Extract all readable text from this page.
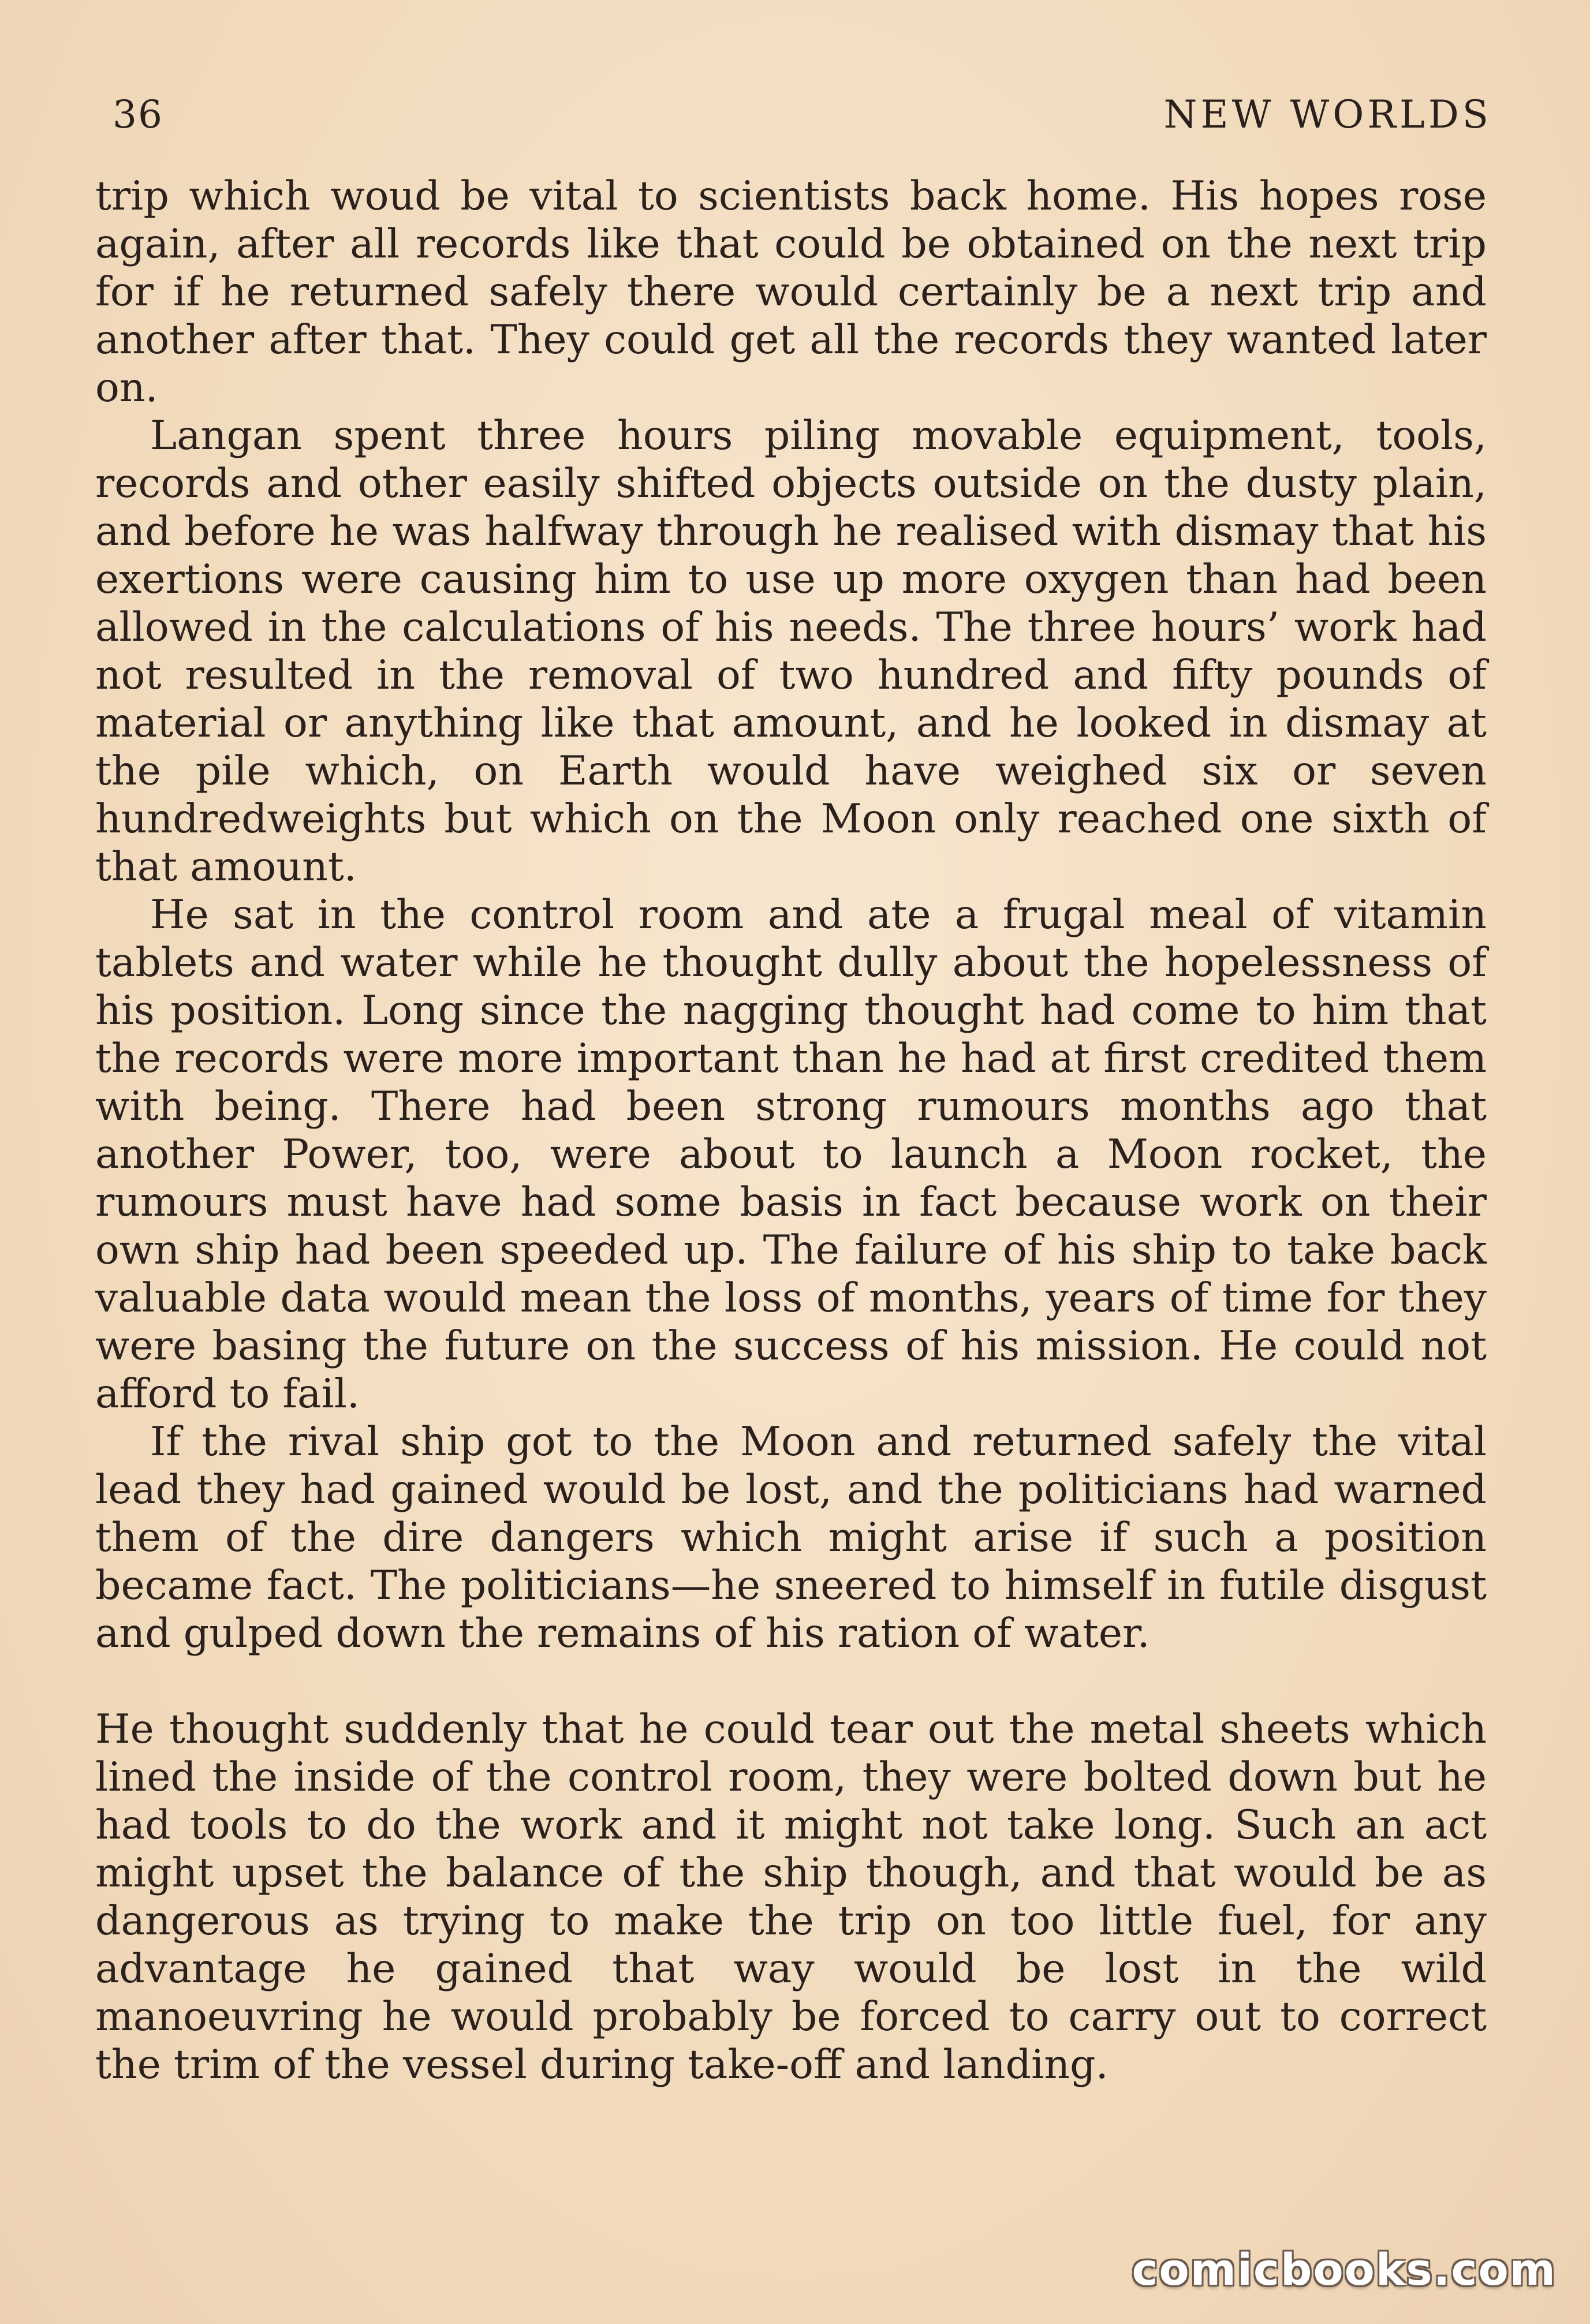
36	NEW WORLDS

trip which woud be vital to scientists back home. His hopes rose again, after all records like that could be obtained on the next trip for if he returned safely there would certainly be a next trip and another after that. They could get all the records they wanted later on.

Langan spent three hours piling movable equipment, tools, records and other easily shifted objects outside on the dusty plain, and before he was halfway through he realised with dismay that his exertions were causing him to use up more oxygen than had been allowed in the calculations of his needs. The three hours’ work had not resulted in the removal of two hundred and fifty pounds of material or anything like that amount, and he looked in dismay at the pile which, on Earth would have weighed six or seven hundredweights but which on the Moon only reached one sixth of that amount.

He sat in the control room and ate a frugal meal of vitamin tablets and water while he thought dully about the hopelessness of his position. Long since the nagging thought had come to him that the records were more important than he had at first credited them with being. There had been strong rumours months ago that another Power, too, were about to launch a Moon rocket, the rumours must have had some basis in fact because work on their own ship had been speeded up. The failure of his ship to take back valuable data would mean the loss of months, years of time for they were basing the future on the success of his mission. He could not afford to fail.

If the rival ship got to the Moon and returned safely the vital lead they had gained would be lost, and the politicians had warned them of the dire dangers which might arise if such a position became fact. The politicians—he sneered to himself in futile disgust and gulped down the remains of his ration of water.

He thought suddenly that he could tear out the metal sheets which lined the inside of the control room, they were bolted down but he had tools to do the work and it might not take long. Such an act might upset the balance of the ship though, and that would be as dangerous as trying to make the trip on too little fuel, for any advantage he gained that way would be lost in the wild manoeuvring he would probably be forced to carry out to correct the trim of the vessel during take-off and landing.

comicbooks.com
